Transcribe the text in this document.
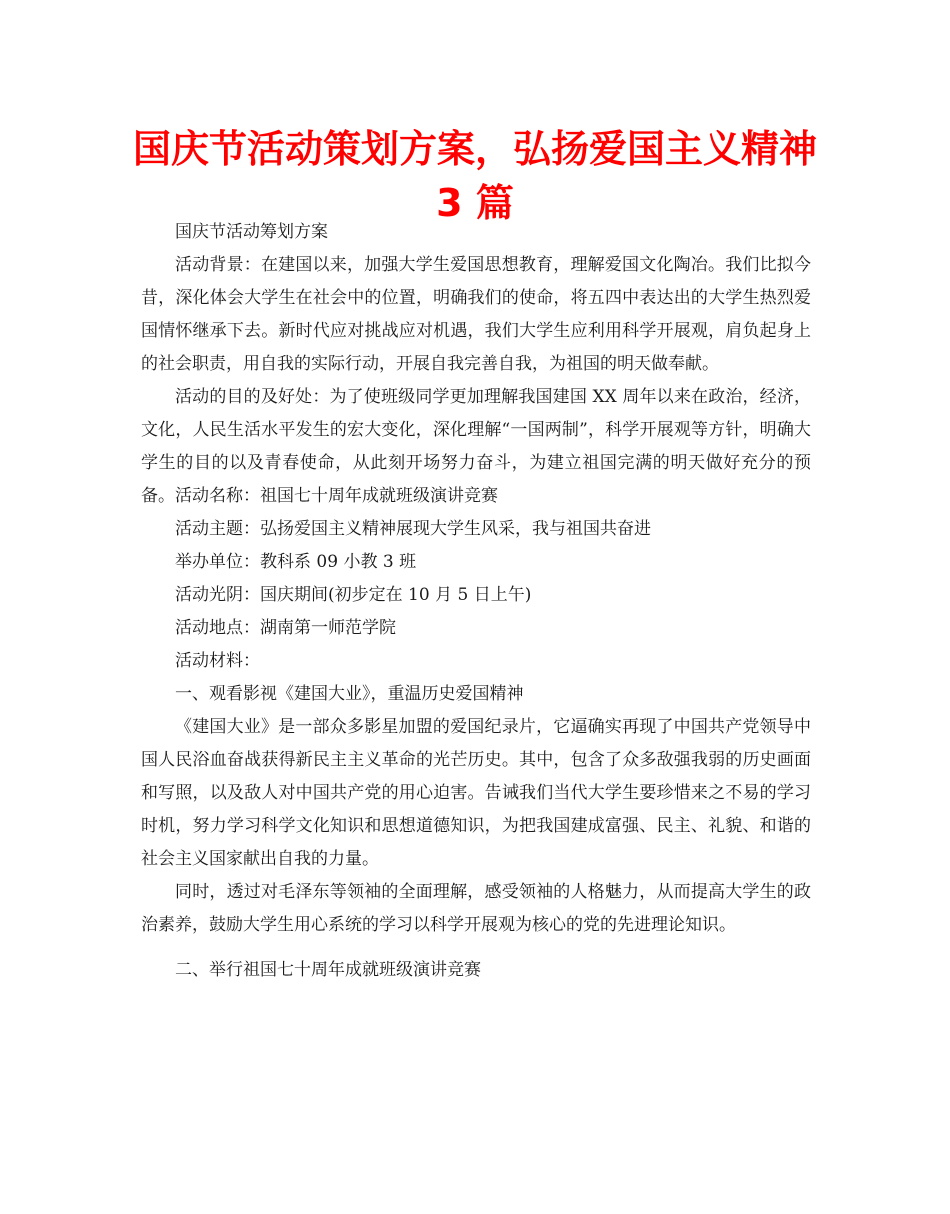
国庆节活动策划方案，弘扬爱国主义精神 3 篇

国庆节活动筹划方案

活动背景：在建国以来，加强大学生爱国思想教育，理解爱国文化陶冶。我们比拟今昔，深化体会大学生在社会中的位置，明确我们的使命，将五四中表达出的大学生热烈爱国情怀继承下去。新时代应对挑战应对机遇，我们大学生应利用科学开展观，肩负起身上的社会职责，用自我的实际行动，开展自我完善自我，为祖国的明天做奉献。

活动的目的及好处：为了使班级同学更加理解我国建国 XX 周年以来在政治，经济，文化，人民生活水平发生的宏大变化，深化理解“一国两制”，科学开展观等方针，明确大学生的目的以及青春使命，从此刻开场努力奋斗，为建立祖国完满的明天做好充分的预备。活动名称：祖国七十周年成就班级演讲竞赛

活动主题：弘扬爱国主义精神展现大学生风采，我与祖国共奋进

举办单位：教科系 09 小教 3 班

活动光阴：国庆期间(初步定在 10 月 5 日上午)

活动地点：湖南第一师范学院

活动材料：

一、观看影视《建国大业》，重温历史爱国精神

《建国大业》是一部众多影星加盟的爱国纪录片，它逼确实再现了中国共产党领导中国人民浴血奋战获得新民主主义革命的光芒历史。其中，包含了众多敌强我弱的历史画面和写照，以及敌人对中国共产党的用心迫害。告诫我们当代大学生要珍惜来之不易的学习时机，努力学习科学文化知识和思想道德知识，为把我国建成富强、民主、礼貌、和谐的社会主义国家献出自我的力量。

同时，透过对毛泽东等领袖的全面理解，感受领袖的人格魅力，从而提高大学生的政治素养，鼓励大学生用心系统的学习以科学开展观为核心的党的先进理论知识。

二、举行祖国七十周年成就班级演讲竞赛
